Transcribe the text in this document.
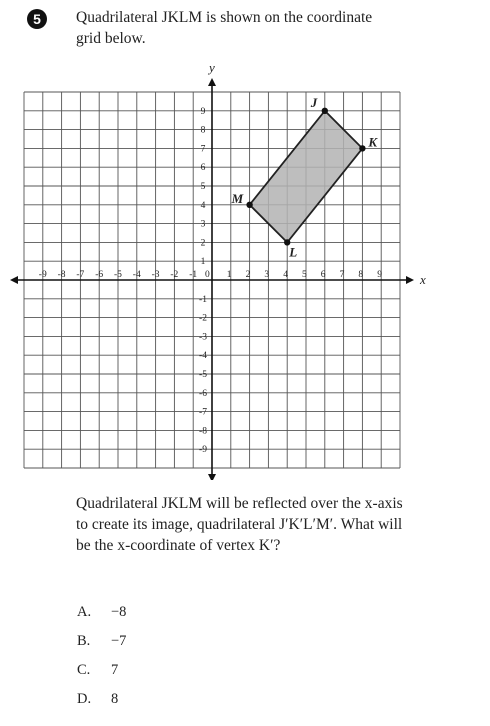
5	Quadrilateral JKLM is shown on the coordinate grid below.
x
y
-9 -8 -7 -6 -5 -4 -3 -2 -1 0 1 2 3 4 5 6 7 8 9
9
8
7
6
5
4
3
2
1
-1
-2
-3
-4
-5
-6
-7
-8
-9
J
K
L
M
Quadrilateral JKLM will be reflected over the x-axis to create its image, quadrilateral J′K′L′M′. What will be the x-coordinate of vertex K′?
A.	−8
B.	−7
C.	7
D.	8
